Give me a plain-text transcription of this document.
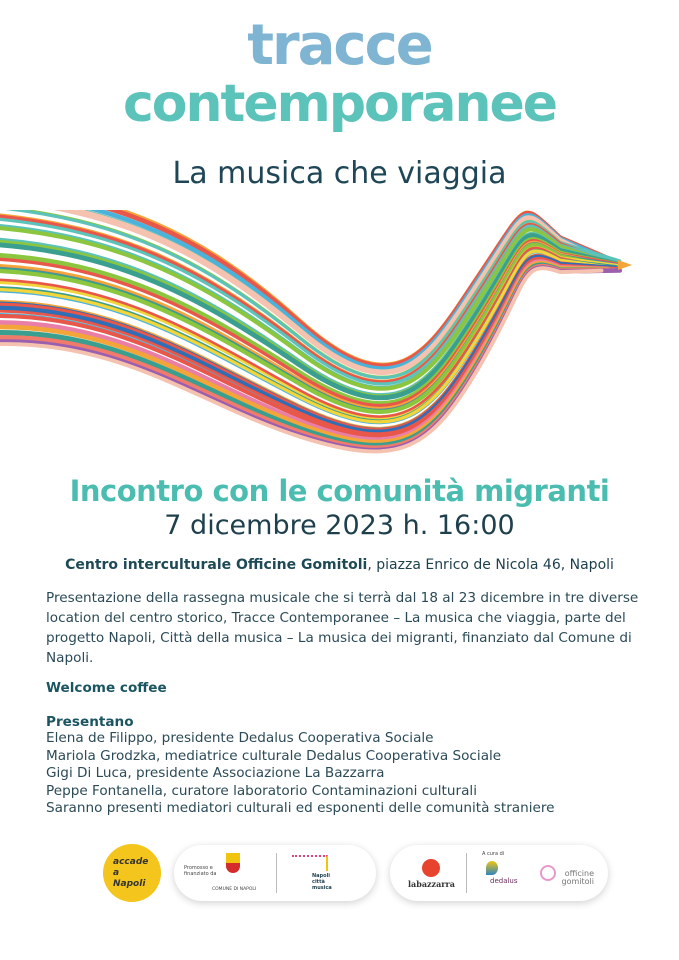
tracce
contemporanee
La musica che viaggia
Incontro con le comunità migranti
7 dicembre 2023 h. 16:00
Centro interculturale Officine Gomitoli, piazza Enrico de Nicola 46, Napoli
Presentazione della rassegna musicale che si terrà dal 18 al 23 dicembre in tre diverse location del centro storico, Tracce Contemporanee – La musica che viaggia, parte del progetto Napoli, Città della musica – La musica dei migranti, finanziato dal Comune di Napoli.
Welcome coffee
Presentano
Elena de Filippo, presidente Dedalus Cooperativa Sociale
Mariola Grodzka, mediatrice culturale Dedalus Cooperativa Sociale
Gigi Di Luca, presidente Associazione La Bazzarra
Peppe Fontanella, curatore laboratorio Contaminazioni culturali
Saranno presenti mediatori culturali ed esponenti delle comunità straniere
accade a Napoli
Promosso e finanziato da
COMUNE DI NAPOLI
Napoli città musica
A cura di
labazzarra	dedalus
officine gomitoli
